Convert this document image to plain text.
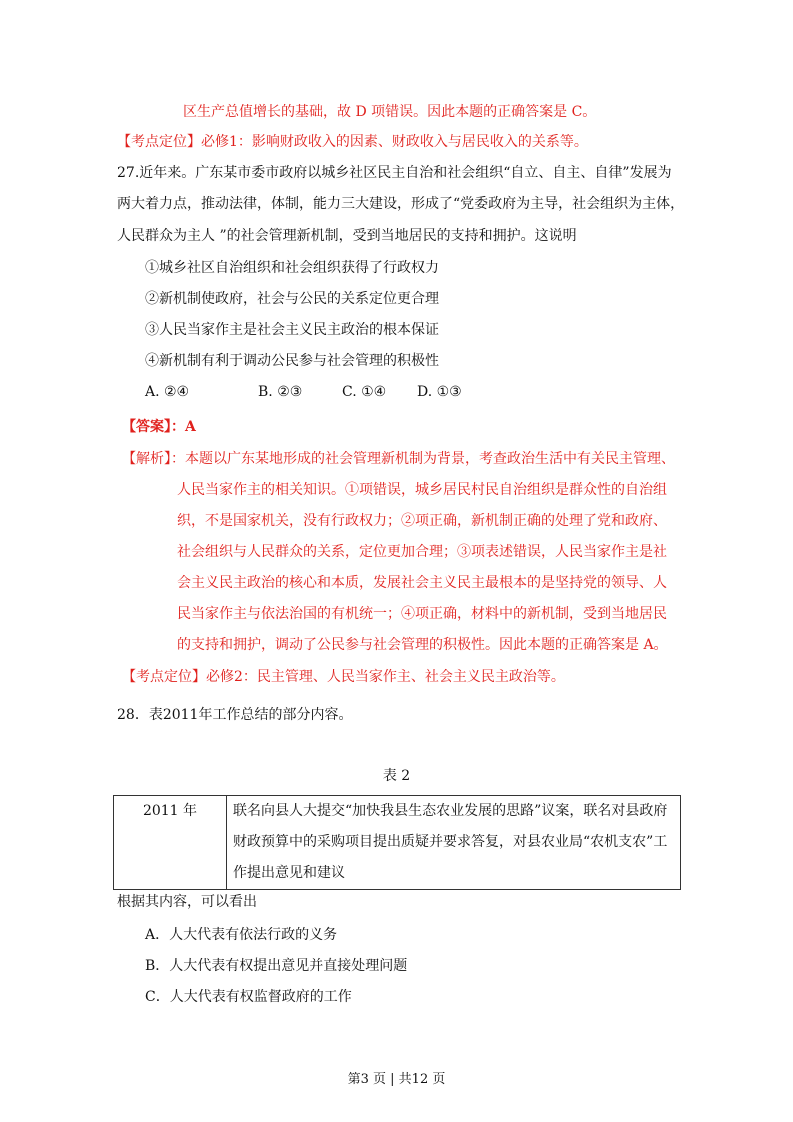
区生产总值增长的基础，故 D 项错误。因此本题的正确答案是 C。
【考点定位】必修1：影响财政收入的因素、财政收入与居民收入的关系等。
27.近年来。广东某市委市政府以城乡社区民主自治和社会组织“自立、自主、自律”发展为
两大着力点，推动法律，体制，能力三大建设，形成了“党委政府为主导，社会组织为主体，
人民群众为主人 ”的社会管理新机制，受到当地居民的支持和拥护。这说明
①城乡社区自治组织和社会组织获得了行政权力
②新机制使政府，社会与公民的关系定位更合理
③人民当家作主是社会主义民主政治的根本保证
④新机制有利于调动公民参与社会管理的积极性
A. ②④	B. ②③	C. ①④ D. ①③
【答案】：A
【解析】：本题以广东某地形成的社会管理新机制为背景，考查政治生活中有关民主管理、
人民当家作主的相关知识。①项错误，城乡居民村民自治组织是群众性的自治组
织，不是国家机关，没有行政权力；②项正确，新机制正确的处理了党和政府、
社会组织与人民群众的关系，定位更加合理；③项表述错误，人民当家作主是社
会主义民主政治的核心和本质，发展社会主义民主最根本的是坚持党的领导、人
民当家作主与依法治国的有机统一；④项正确，材料中的新机制，受到当地居民
的支持和拥护，调动了公民参与社会管理的积极性。因此本题的正确答案是 A。
【考点定位】必修2：民主管理、人民当家作主、社会主义民主政治等。
28．表2011年工作总结的部分内容。
表 2
2011 年	联名向县人大提交“加快我县生态农业发展的思路”议案，联名对县政府财政预算中的采购项目提出质疑并要求答复，对县农业局“农机支农”工作提出意见和建议
根据其内容，可以看出
A．人大代表有依法行政的义务
B．人大代表有权提出意见并直接处理问题
C．人大代表有权监督政府的工作
第3 页 | 共12 页
